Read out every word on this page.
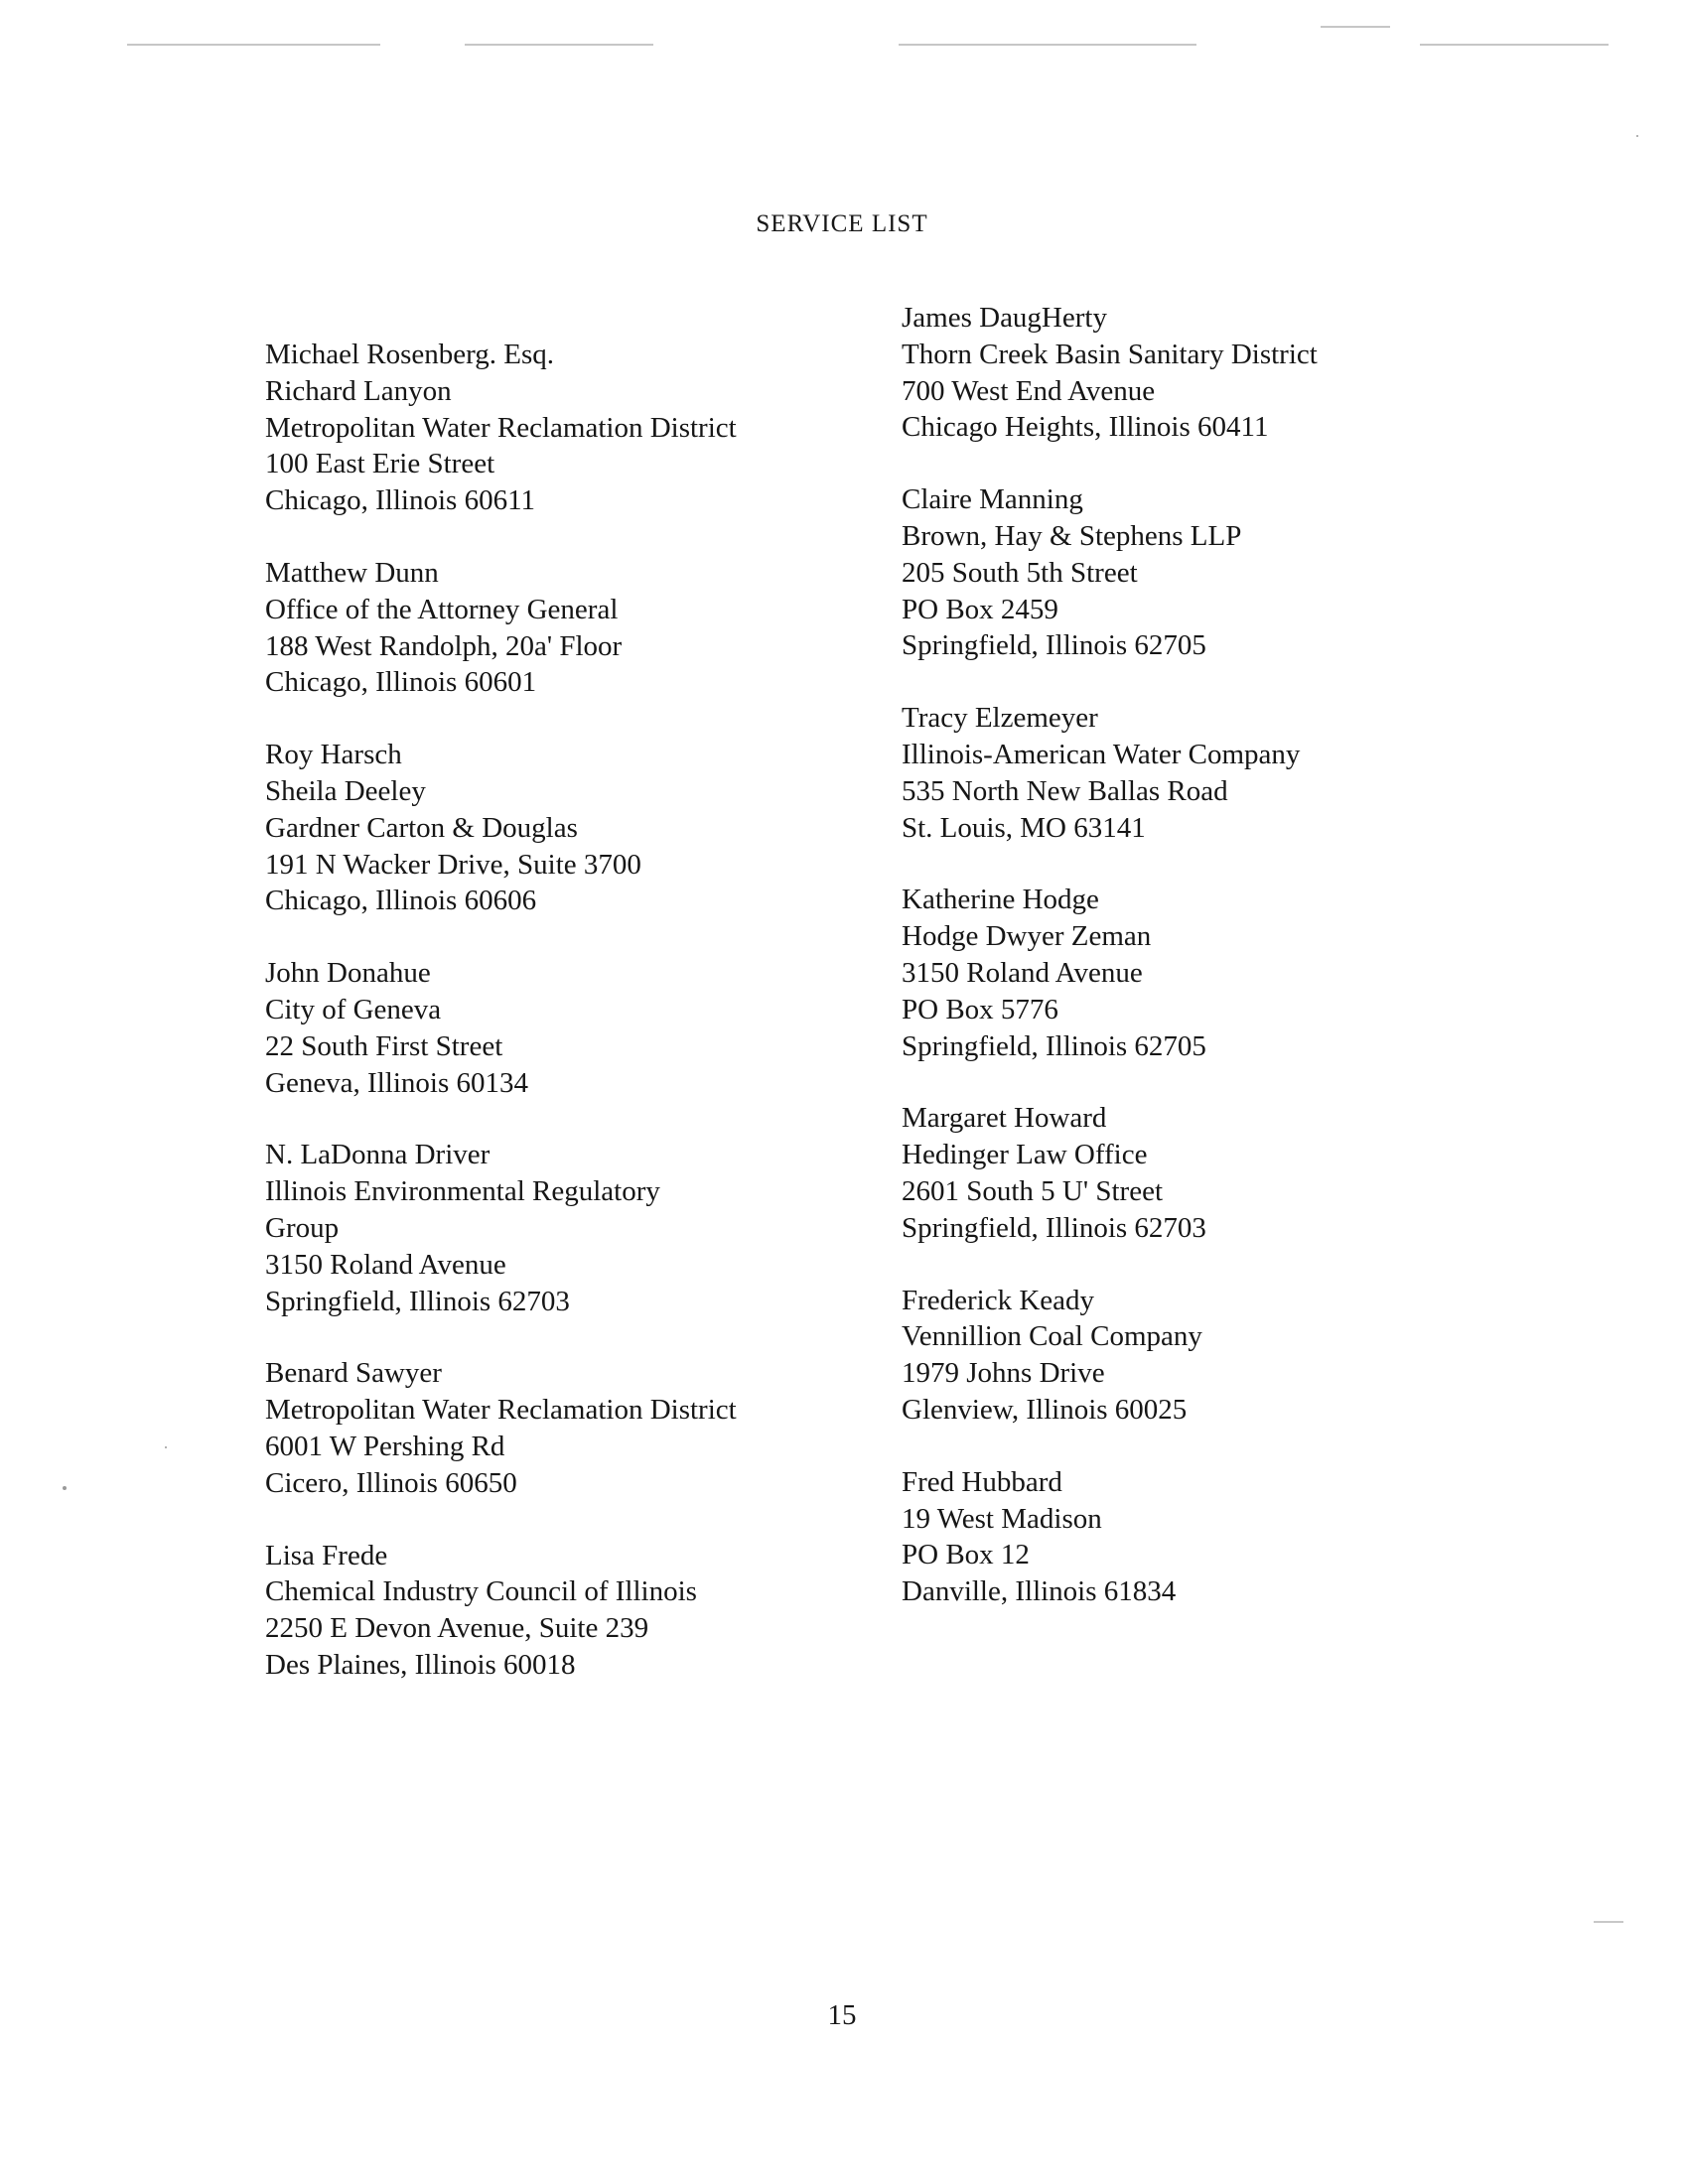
SERVICE LIST
Michael Rosenberg. Esq.
Richard Lanyon
Metropolitan Water Reclamation District
100 East Erie Street
Chicago, Illinois 60611
Matthew Dunn
Office of the Attorney General
188 West Randolph, 20a' Floor
Chicago, Illinois 60601
Roy Harsch
Sheila Deeley
Gardner Carton & Douglas
191 N Wacker Drive, Suite 3700
Chicago, Illinois 60606
John Donahue
City of Geneva
22 South First Street
Geneva, Illinois 60134
N. LaDonna Driver
Illinois Environmental Regulatory
Group
3150 Roland Avenue
Springfield, Illinois 62703
Benard Sawyer
Metropolitan Water Reclamation District
6001 W Pershing Rd
Cicero, Illinois 60650
Lisa Frede
Chemical Industry Council of Illinois
2250 E Devon Avenue, Suite 239
Des Plaines, Illinois 60018
James DaugHerty
Thorn Creek Basin Sanitary District
700 West End Avenue
Chicago Heights, Illinois 60411
Claire Manning
Brown, Hay & Stephens LLP
205 South 5th Street
PO Box 2459
Springfield, Illinois 62705
Tracy Elzemeyer
Illinois-American Water Company
535 North New Ballas Road
St. Louis, MO 63141
Katherine Hodge
Hodge Dwyer Zeman
3150 Roland Avenue
PO Box 5776
Springfield, Illinois 62705
Margaret Howard
Hedinger Law Office
2601 South 5 U' Street
Springfield, Illinois 62703
Frederick Keady
Vennillion Coal Company
1979 Johns Drive
Glenview, Illinois 60025
Fred Hubbard
19 West Madison
PO Box 12
Danville, Illinois 61834
15
